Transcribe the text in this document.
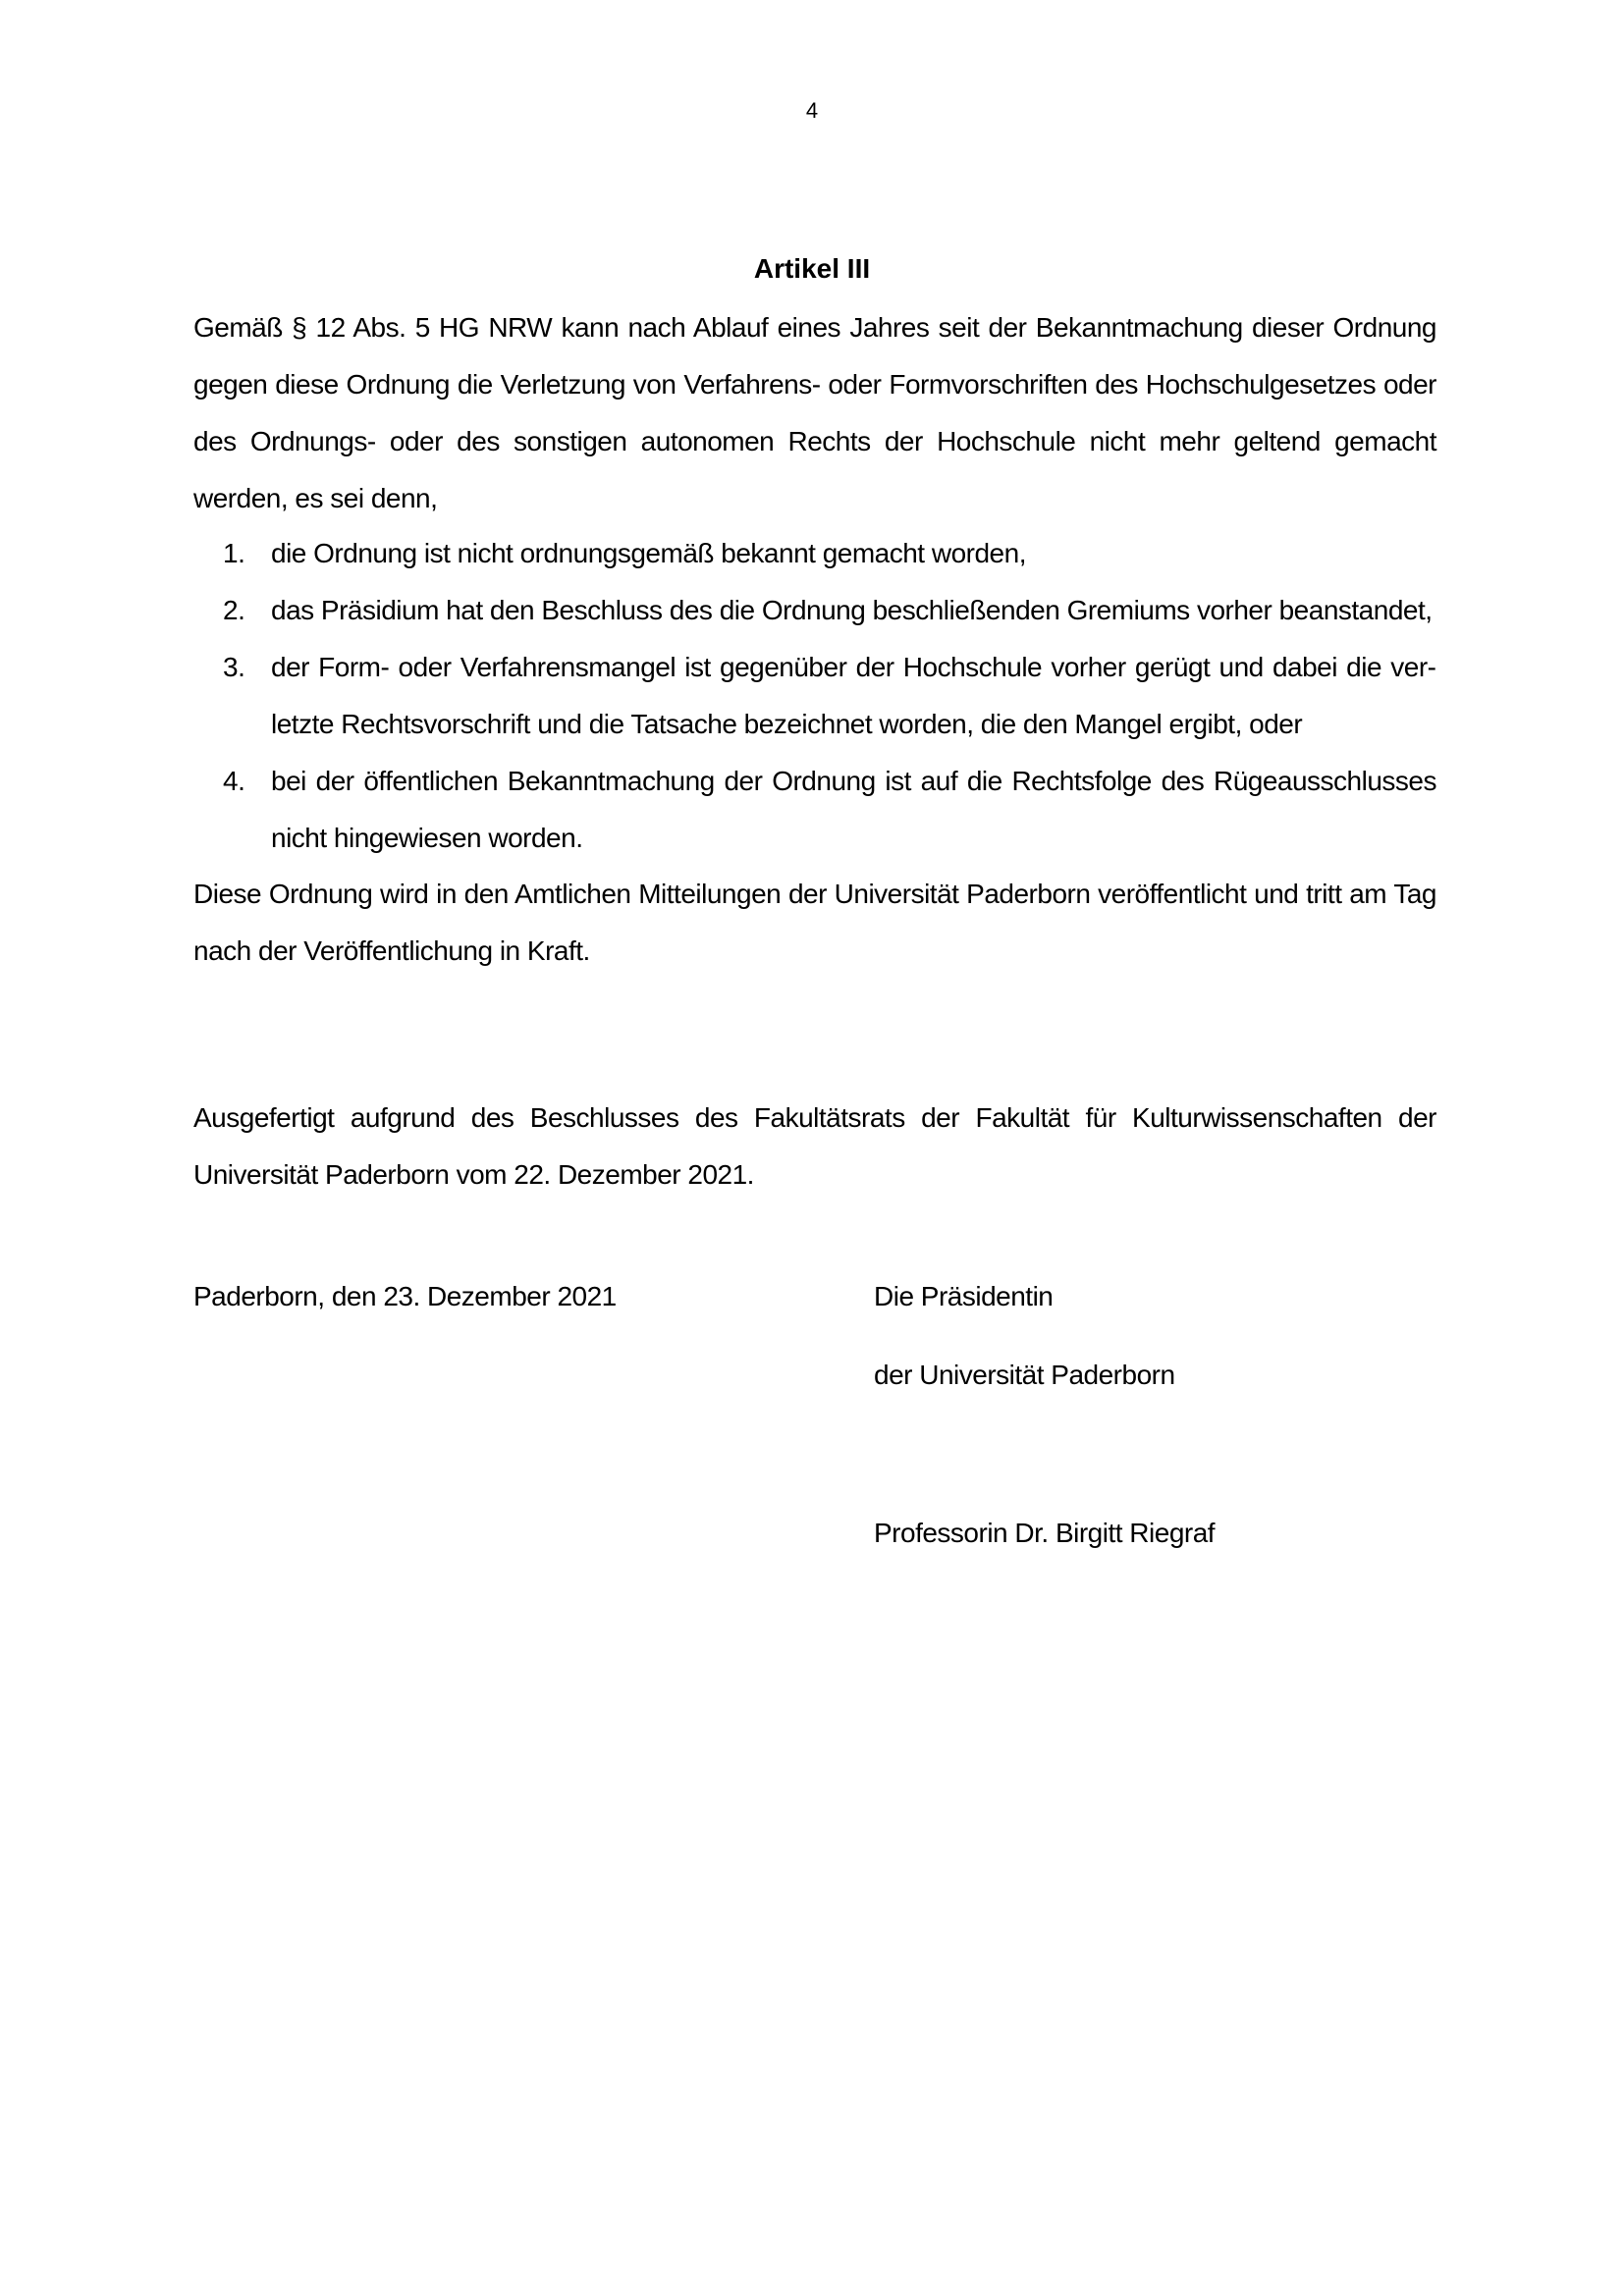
4
Artikel III
Gemäß § 12 Abs. 5 HG NRW kann nach Ablauf eines Jahres seit der Bekanntmachung dieser Ordnung gegen diese Ordnung die Verletzung von Verfahrens- oder Formvorschriften des Hochschulgesetzes oder des Ordnungs- oder des sonstigen autonomen Rechts der Hochschule nicht mehr geltend gemacht werden, es sei denn,
1. die Ordnung ist nicht ordnungsgemäß bekannt gemacht worden,
2. das Präsidium hat den Beschluss des die Ordnung beschließenden Gremiums vorher beanstandet,
3. der Form- oder Verfahrensmangel ist gegenüber der Hochschule vorher gerügt und dabei die verletzte Rechtsvorschrift und die Tatsache bezeichnet worden, die den Mangel ergibt, oder
4. bei der öffentlichen Bekanntmachung der Ordnung ist auf die Rechtsfolge des Rügeausschlusses nicht hingewiesen worden.
Diese Ordnung wird in den Amtlichen Mitteilungen der Universität Paderborn veröffentlicht und tritt am Tag nach der Veröffentlichung in Kraft.
Ausgefertigt aufgrund des Beschlusses des Fakultätsrats der Fakultät für Kulturwissenschaften der Universität Paderborn vom 22. Dezember 2021.
Paderborn, den 23. Dezember 2021	Die Präsidentin
der Universität Paderborn
Professorin Dr. Birgitt Riegraf
